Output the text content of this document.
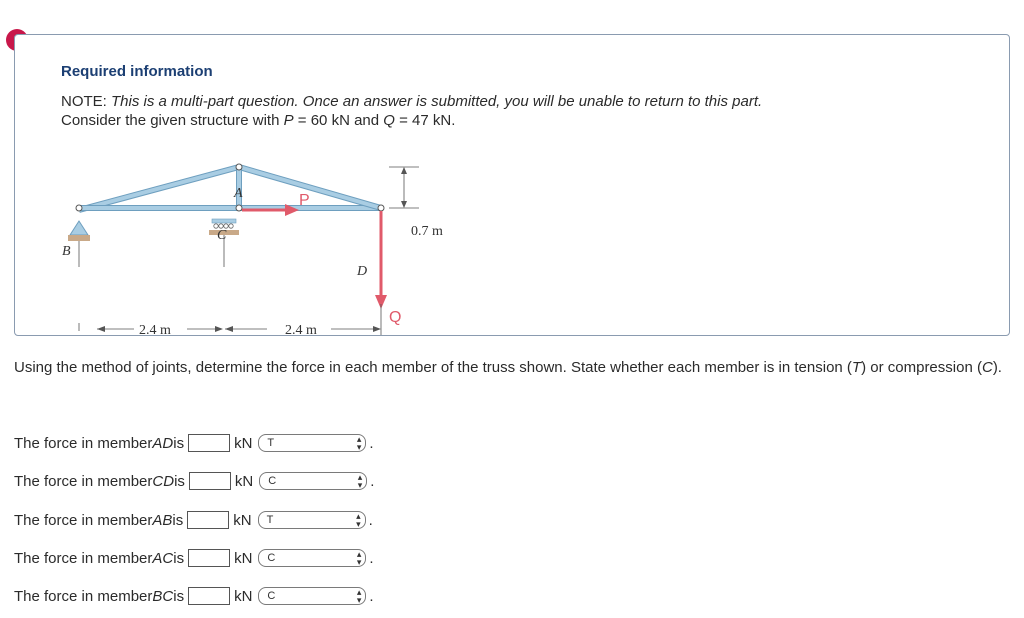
Required information
NOTE: This is a multi-part question. Once an answer is submitted, you will be unable to return to this part.
Consider the given structure with P = 60 kN and Q = 47 kN.
A
B
C
D
P
Q
0.7 m
2.4 m	2.4 m
Using the method of joints, determine the force in each member of the truss shown. State whether each member is in tension (T) or compression (C).
The force in member AD is	kN T	▴
▾ .
The force in member CD is	kN C	▴
▾ .
The force in member AB is	kN T	▴
▾ .
The force in member AC is	kN C	▴
▾ .
The force in member BC is	kN C	▴
▾ .
